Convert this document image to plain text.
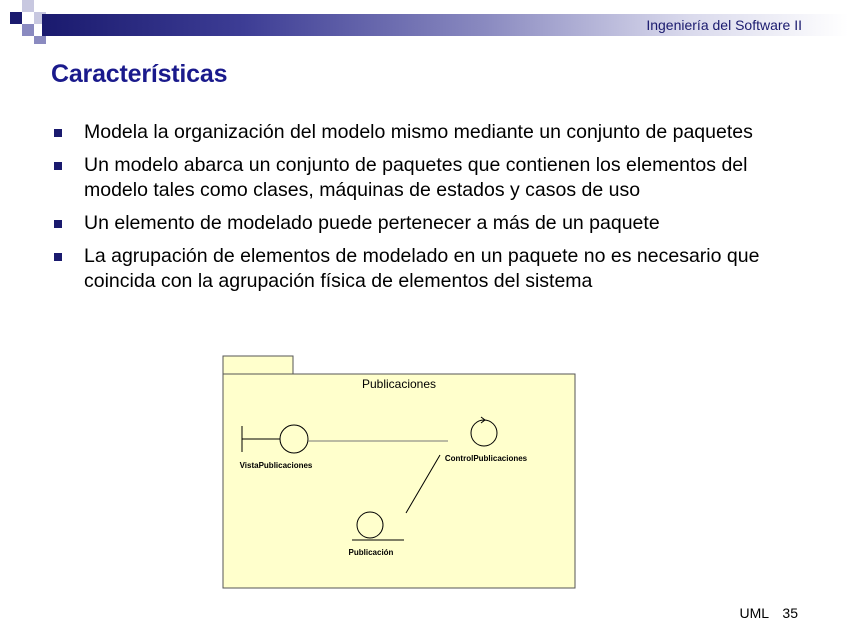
Ingeniería del Software II
Características
Modela la organización del modelo mismo mediante un conjunto de paquetes
Un modelo abarca un conjunto de paquetes que contienen los elementos del modelo tales como clases, máquinas de estados y casos de uso
Un elemento de modelado puede pertenecer a más de un paquete
La agrupación de elementos de modelado en un paquete no es necesario que coincida con la agrupación física de elementos del sistema
Publicaciones
VistaPublicaciones
ControlPublicaciones
Publicación
UML 35
